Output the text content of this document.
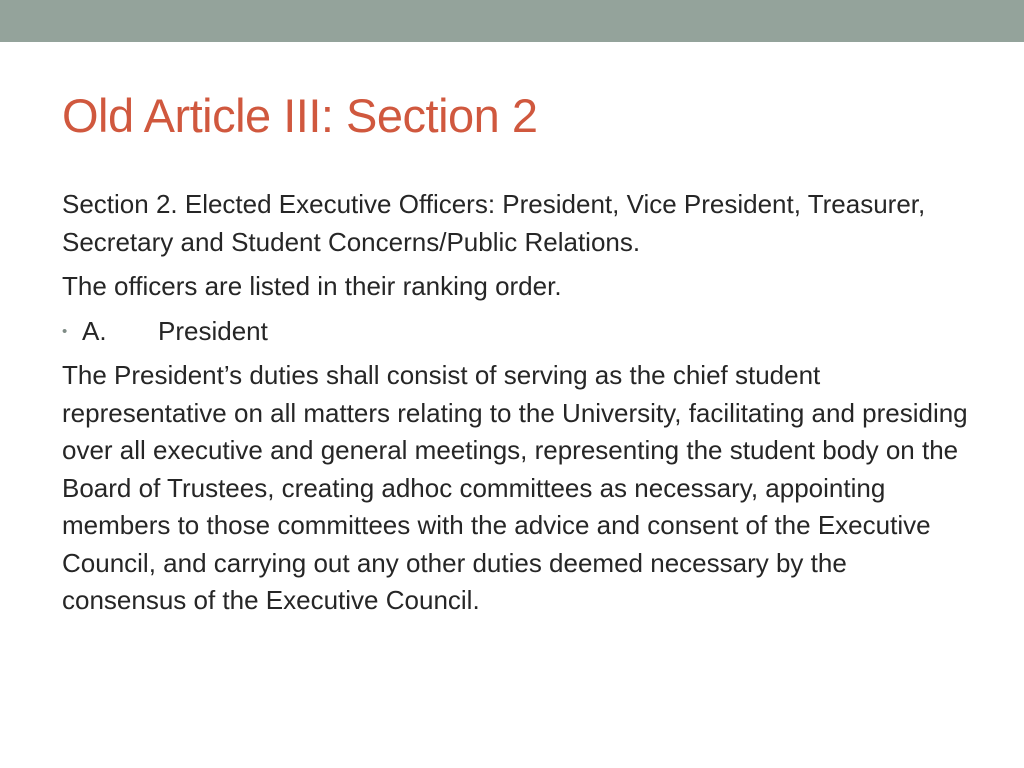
Old Article III: Section 2

Section 2. Elected Executive Officers: President, Vice President, Treasurer, Secretary and Student Concerns/Public Relations.

The officers are listed in their ranking order.

• A. President

The President’s duties shall consist of serving as the chief student representative on all matters relating to the University, facilitating and presiding over all executive and general meetings, representing the student body on the Board of Trustees, creating adhoc committees as necessary, appointing members to those committees with the advice and consent of the Executive Council, and carrying out any other duties deemed necessary by the consensus of the Executive Council.
